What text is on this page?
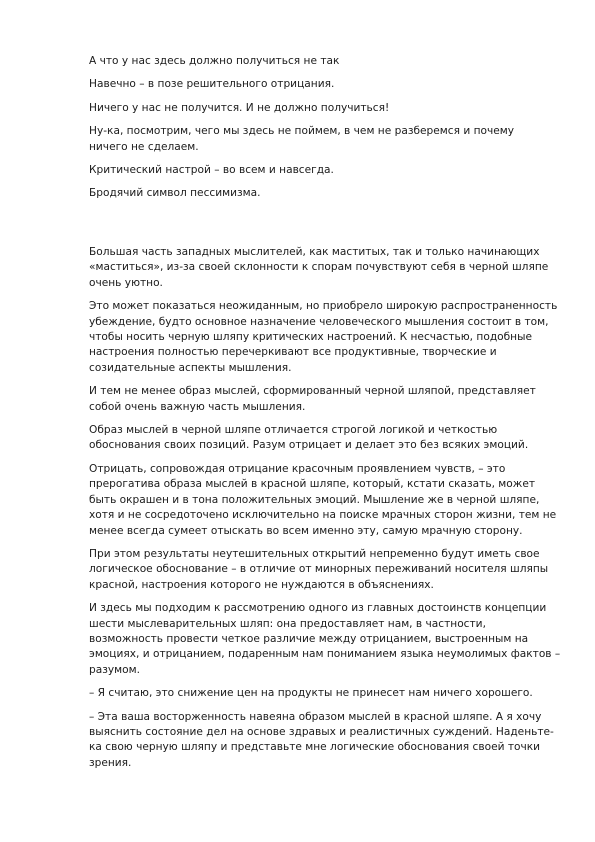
А что у нас здесь должно получиться не так

Навечно – в позе решительного отрицания.

Ничего у нас не получится. И не должно получиться!

Ну-ка, посмотрим, чего мы здесь не поймем, в чем не разберемся и почему ничего не сделаем.

Критический настрой – во всем и навсегда.

Бродячий символ пессимизма.

Большая часть западных мыслителей, как маститых, так и только начинающих «маститься», из-за своей склонности к спорам почувствуют себя в черной шляпе очень уютно.

Это может показаться неожиданным, но приобрело широкую распространенность убеждение, будто основное назначение человеческого мышления состоит в том, чтобы носить черную шляпу критических настроений. К несчастью, подобные настроения полностью перечеркивают все продуктивные, творческие и созидательные аспекты мышления.

И тем не менее образ мыслей, сформированный черной шляпой, представляет собой очень важную часть мышления.

Образ мыслей в черной шляпе отличается строгой логикой и четкостью обоснования своих позиций. Разум отрицает и делает это без всяких эмоций.

Отрицать, сопровождая отрицание красочным проявлением чувств, – это прерогатива образа мыслей в красной шляпе, который, кстати сказать, может быть окрашен и в тона положительных эмоций. Мышление же в черной шляпе, хотя и не сосредоточено исключительно на поиске мрачных сторон жизни, тем не менее всегда сумеет отыскать во всем именно эту, самую мрачную сторону.

При этом результаты неутешительных открытий непременно будут иметь свое логическое обоснование – в отличие от минорных переживаний носителя шляпы красной, настроения которого не нуждаются в объяснениях.

И здесь мы подходим к рассмотрению одного из главных достоинств концепции шести мыслеварительных шляп: она предоставляет нам, в частности, возможность провести четкое различие между отрицанием, выстроенным на эмоциях, и отрицанием, подаренным нам пониманием языка неумолимых фактов – разумом.

– Я считаю, это снижение цен на продукты не принесет нам ничего хорошего.

– Эта ваша восторженность навеяна образом мыслей в красной шляпе. А я хочу выяснить состояние дел на основе здравых и реалистичных суждений. Наденьте-ка свою черную шляпу и представьте мне логические обоснования своей точки зрения.
